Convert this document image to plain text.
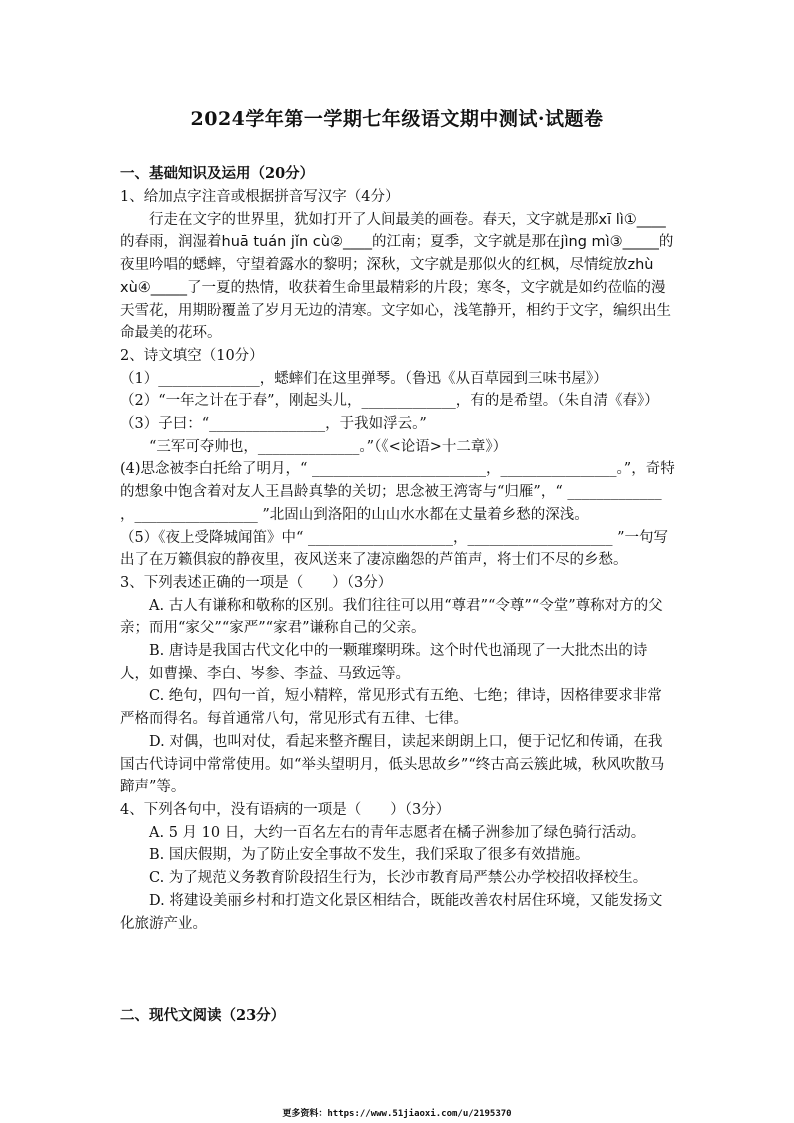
2024学年第一学期七年级语文期中测试·试题卷
一、基础知识及运用（20分）

1、给加点字注音或根据拼音写汉字（4分）

行走在文字的世界里，犹如打开了人间最美的画卷。春天，文字就是那xī lì①____的春雨，润湿着huā tuán jǐn cù②____的江南；夏季，文字就是那在jìng mì③_____的夜里吟唱的蟋蟀，守望着露水的黎明；深秋，文字就是那似火的红枫，尽情绽放zhù xù④_____了一夏的热情，收获着生命里最精彩的片段；寒冬，文字就是如约莅临的漫天雪花，用期盼覆盖了岁月无边的清寒。文字如心，浅笔静开，相约于文字，编织出生命最美的花环。

2、诗文填空（10分）

（1）______________，蟋蟀们在这里弹琴。（鲁迅《从百草园到三味书屋》）

（2）“一年之计在于春”，刚起头儿，_____________，有的是希望。（朱自清《春》）

（3）子曰：“________________，于我如浮云。”

“三军可夺帅也，______________。”（《<论语>十二章》）

(4)思念被李白托给了明月，“ ________________________，________________。”，奇特的想象中饱含着对友人王昌龄真挚的关切；思念被王湾寄与“归雁”，“ _____________ ，_________________ ”北固山到洛阳的山山水水都在丈量着乡愁的深浅。

（5）《夜上受降城闻笛》中“ ____________________，____________________ ”一句写出了在万籁俱寂的静夜里，夜风送来了凄凉幽怨的芦笛声，将士们不尽的乡愁。

3、下列表述正确的一项是（　　）（3分）

A. 古人有谦称和敬称的区别。我们往往可以用“尊君”“令尊”“令堂”尊称对方的父亲；而用“家父”“家严”“家君”谦称自己的父亲。

B. 唐诗是我国古代文化中的一颗璀璨明珠。这个时代也涌现了一大批杰出的诗人，如曹操、李白、岑参、李益、马致远等。

C. 绝句，四句一首，短小精粹，常见形式有五绝、七绝；律诗，因格律要求非常严格而得名。每首通常八句，常见形式有五律、七律。

D. 对偶，也叫对仗，看起来整齐醒目，读起来朗朗上口，便于记忆和传诵，在我国古代诗词中常常使用。如“举头望明月，低头思故乡”“终古高云簇此城，秋风吹散马蹄声”等。

4、下列各句中，没有语病的一项是（　　）（3分）

A. 5 月 10 日，大约一百名左右的青年志愿者在橘子洲参加了绿色骑行活动。

B. 国庆假期，为了防止安全事故不发生，我们采取了很多有效措施。

C. 为了规范义务教育阶段招生行为，长沙市教育局严禁公办学校招收择校生。

D. 将建设美丽乡村和打造文化景区相结合，既能改善农村居住环境，又能发扬文化旅游产业。

二、现代文阅读（23分）
更多资料：https://www.51jiaoxi.com/u/2195370
